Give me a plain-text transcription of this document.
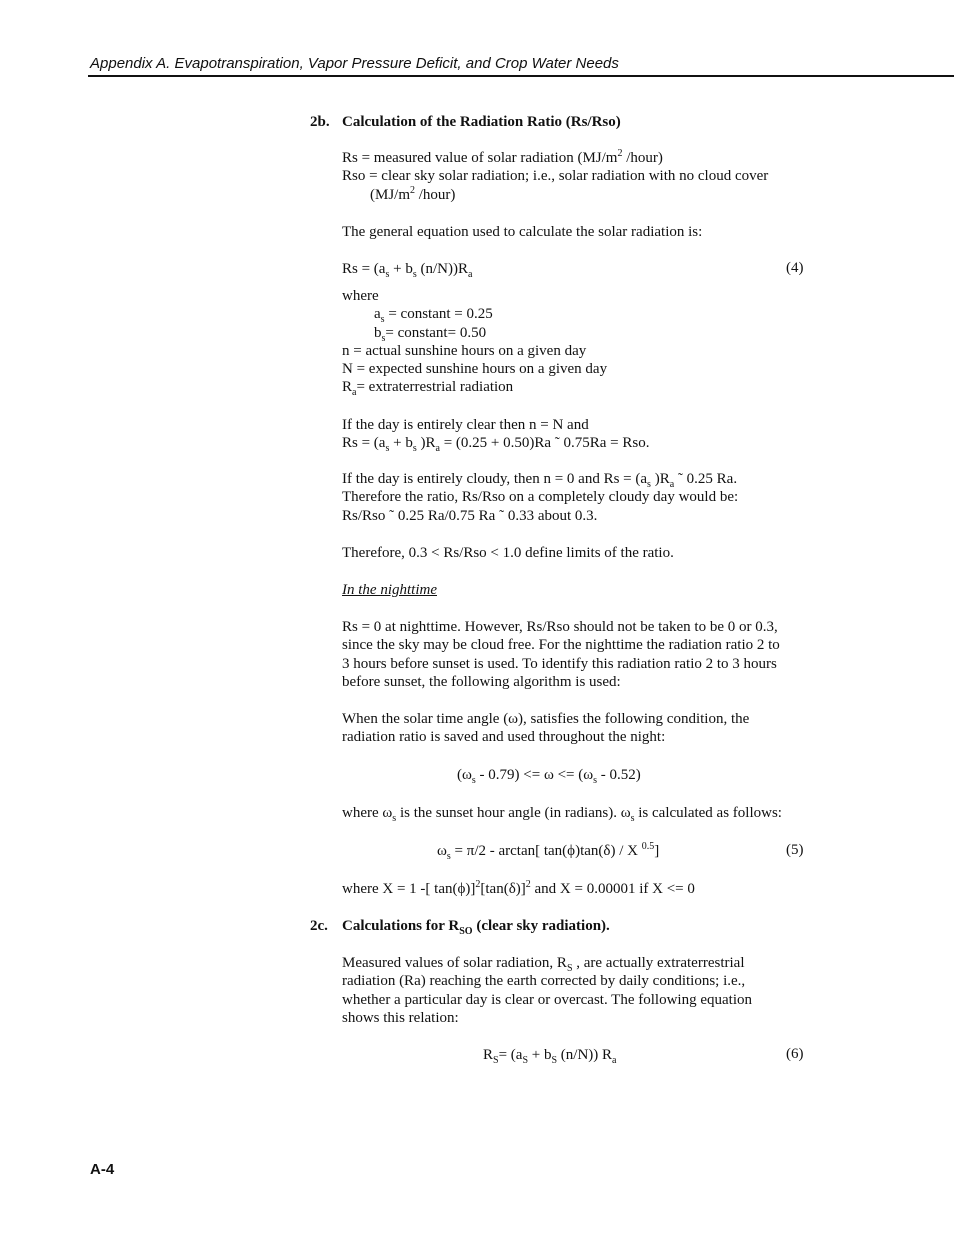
Appendix A. Evapotranspiration, Vapor Pressure Deficit, and Crop Water Needs
2b. Calculation of the Radiation Ratio (Rs/Rso)
Rs = measured value of solar radiation ($MJ/m^2$ /hour)
Rso = clear sky solar radiation; i.e., solar radiation with no cloud cover
($MJ/m^2$ /hour)
The general equation used to calculate the solar radiation is:
$Rs = (a_s + b_s$ $(n/N))R_a$	(4)
where
$a_s$ = constant = 0.25
$b_s=$ constant= 0.50
n = actual sunshine hours on a given day
N = expected sunshine hours on a given day
$R_a=$ extraterrestrial radiation
If the day is entirely clear then n = N and
$Rs = (a_s + b_s$ )$R_a = (0.25 + 0.50)Ra$ ˜ 0.75Ra = Rso.
If the day is entirely cloudy, then n = 0 and $Rs = (a_s$ )$R_a$ ˜ 0.25 Ra.
Therefore the ratio, Rs/Rso on a completely cloudy day would be:
Rs/Rso ˜ 0.25 Ra/0.75 Ra ˜ 0.33 about 0.3.
Therefore, 0.3 < Rs/Rso < 1.0 define limits of the ratio.
In the nighttime
Rs = 0 at nighttime. However, Rs/Rso should not be taken to be 0 or 0.3,
since the sky may be cloud free. For the nighttime the radiation ratio 2 to
3 hours before sunset is used. To identify this radiation ratio 2 to 3 hours
before sunset, the following algorithm is used:
When the solar time angle (ω), satisfies the following condition, the
radiation ratio is saved and used throughout the night:
$(\omega_s - 0.79) <= \omega <= (\omega_s - 0.52)$
where $\omega_s$ is the sunset hour angle (in radians). $\omega_s$ is calculated as follows:
$\omega_s = \pi/2 - \arctan$[ tan(ϕ)tan(δ) / X $^{0.5}$]	(5)
where X = 1 -[ $\tan(\phi)]^2[\tan(\delta)]^2$ and X = 0.00001 if X <= 0
2c. Calculations for $R_{SO}$ (clear sky radiation).
Measured values of solar radiation, $R_S$ , are actually extraterrestrial
radiation (Ra) reaching the earth corrected by daily conditions; i.e.,
whether a particular day is clear or overcast. The following equation
shows this relation:
$R_S= (a_S + b_S$ (n/N)) $R_a$	(6)
A-4
